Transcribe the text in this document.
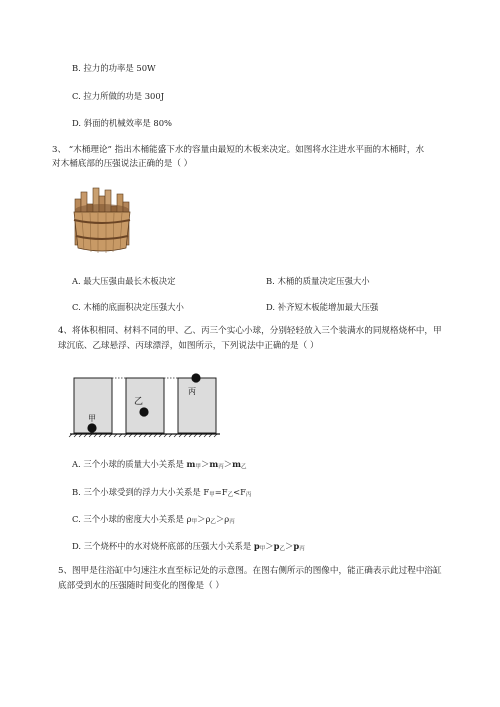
B. 拉力的功率是 50W
C. 拉力所做的功是 300J
D. 斜面的机械效率是 80%
3、 “木桶理论” 指出木桶能盛下水的容量由最短的木板来决定。如图将水注进水平面的木桶时，水
对木桶底部的压强说法正确的是（ ）
A. 最大压强由最长木板决定	B. 木桶的质量决定压强大小
C. 木桶的底面积决定压强大小	D. 补齐短木板能增加最大压强
4、将体积相同、材料不同的甲、乙、丙三个实心小球，分别轻轻放入三个装满水的同规格烧杯中，甲
球沉底、乙球悬浮、丙球漂浮，如图所示，下列说法中正确的是（ ）
甲
乙
丙
A. 三个小球的质量大小关系是 m甲＞m丙＞m乙
B. 三个小球受到的浮力大小关系是 F甲=F乙<F丙
C. 三个小球的密度大小关系是 ρ甲＞ρ乙＞ρ丙
D. 三个烧杯中的水对烧杯底部的压强大小关系是 p甲＞p乙＞p丙
5、图甲是往浴缸中匀速注水直至标记处的示意图。在图右侧所示的图像中，能正确表示此过程中浴缸
底部受到水的压强随时间变化的图像是（ ）
